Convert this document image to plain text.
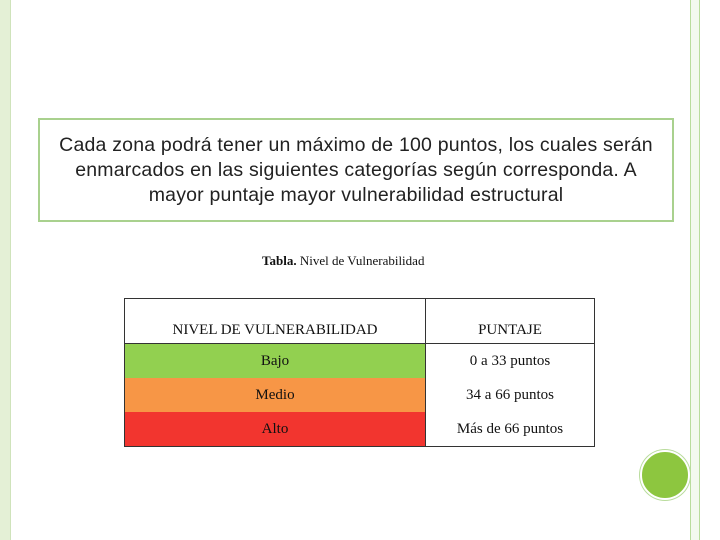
Cada zona podrá tener un máximo de 100 puntos, los cuales serán enmarcados en las siguientes categorías según corresponda. A mayor puntaje mayor vulnerabilidad estructural
Tabla. Nivel de Vulnerabilidad
NIVEL DE VULNERABILIDAD	PUNTAJE
Bajo	0 a 33 puntos
Medio	34 a 66 puntos
Alto	Más de 66 puntos
